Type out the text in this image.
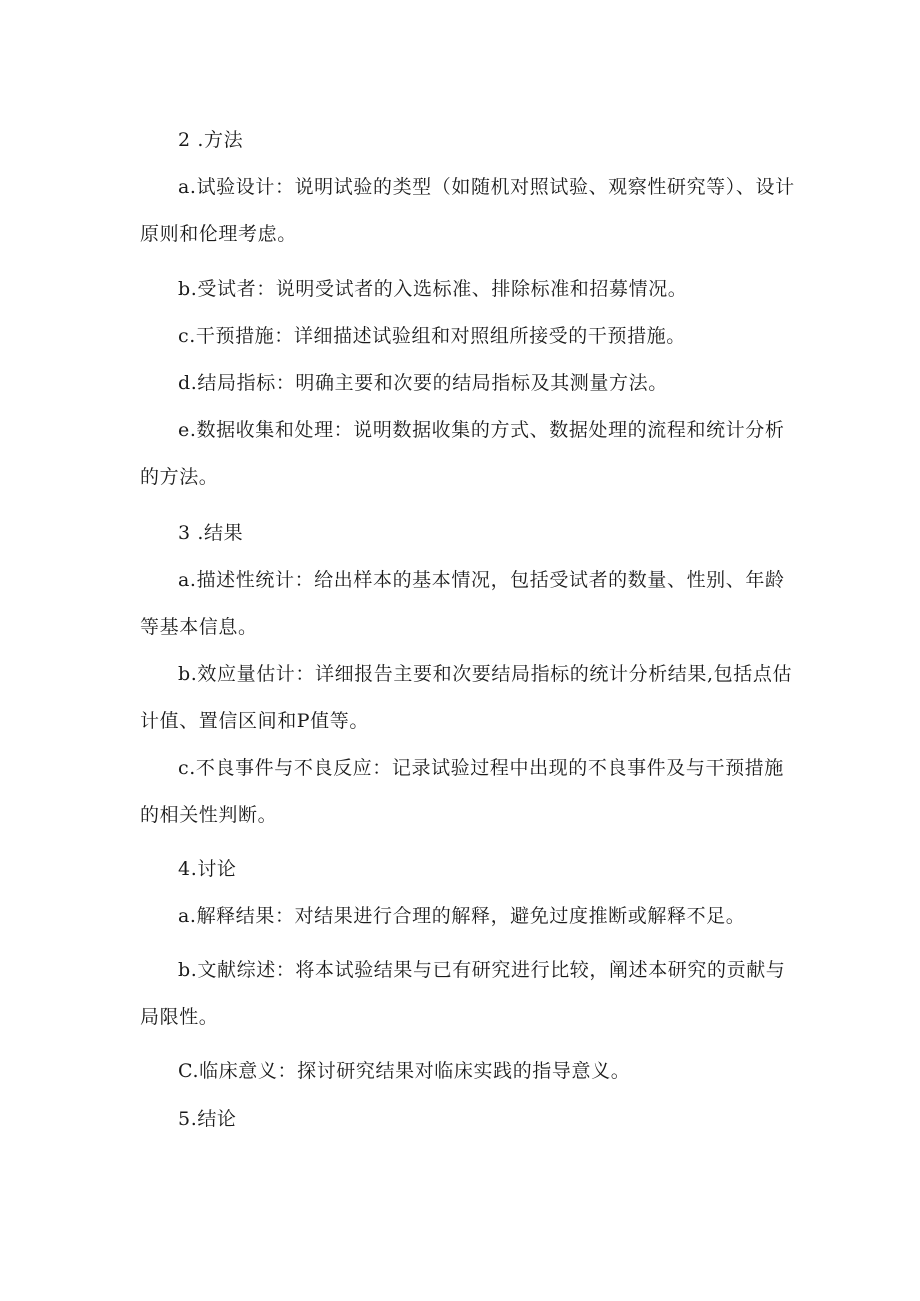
2 .方法

a.试验设计：说明试验的类型（如随机对照试验、观察性研究等）、设计原则和伦理考虑。

b.受试者：说明受试者的入选标准、排除标准和招募情况。

c.干预措施：详细描述试验组和对照组所接受的干预措施。

d.结局指标：明确主要和次要的结局指标及其测量方法。

e.数据收集和处理：说明数据收集的方式、数据处理的流程和统计分析的方法。

3 .结果

a.描述性统计：给出样本的基本情况，包括受试者的数量、性别、年龄等基本信息。

b.效应量估计：详细报告主要和次要结局指标的统计分析结果,包括点估计值、置信区间和P值等。

c.不良事件与不良反应：记录试验过程中出现的不良事件及与干预措施的相关性判断。

4.讨论

a.解释结果：对结果进行合理的解释，避免过度推断或解释不足。

b.文献综述：将本试验结果与已有研究进行比较，阐述本研究的贡献与局限性。

C.临床意义：探讨研究结果对临床实践的指导意义。

5.结论
